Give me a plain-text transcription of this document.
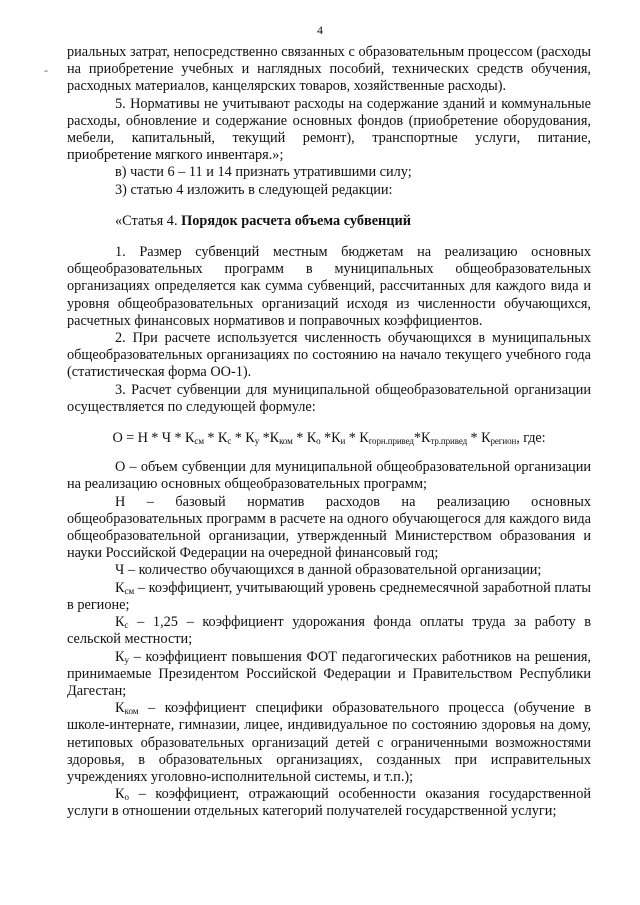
4
-

риальных затрат, непосредственно связанных с образовательным процессом (расходы на приобретение учебных и наглядных пособий, технических средств обучения, расходных материалов, канцелярских товаров, хозяйственные расходы).

5. Нормативы не учитывают расходы на содержание зданий и коммунальные расходы, обновление и содержание основных фондов (приобретение оборудования, мебели, капитальный, текущий ремонт), транспортные услуги, питание, приобретение мягкого инвентаря.»;

в) части 6 – 11 и 14 признать утратившими силу;

3) статью 4 изложить в следующей редакции:

«Статья 4. Порядок расчета объема субвенций

1. Размер субвенций местным бюджетам на реализацию основных общеобразовательных программ в муниципальных общеобразовательных организациях определяется как сумма субвенций, рассчитанных для каждого вида и уровня общеобразовательных организаций исходя из численности обучающихся, расчетных финансовых нормативов и поправочных коэффициентов.

2. При расчете используется численность обучающихся в муниципальных общеобразовательных организациях по состоянию на начало текущего учебного года (статистическая форма ОО-1).

3. Расчет субвенции для муниципальной общеобразовательной организации осуществляется по следующей формуле:

$О = Н * Ч * К_{см} * К_с * К_у$ $*К_{ком} * К_о$ $*К_и * К_{горн.привед}*К_{тр.привед} * К_{регион}$, где:

О – объем субвенции для муниципальной общеобразовательной организации на реализацию основных общеобразовательных программ;

Н – базовый норматив расходов на реализацию основных общеобразовательных программ в расчете на одного обучающегося для каждого вида общеобразовательной организации, утвержденный Министерством образования и науки Российской Федерации на очередной финансовый год;

Ч – количество обучающихся в данной образовательной организации;

$К_{см}$ – коэффициент, учитывающий уровень среднемесячной заработной платы в регионе;

$К_с - 1,25$ – коэффициент удорожания фонда оплаты труда за работу в сельской местности;

$К_у$ – коэффициент повышения ФОТ педагогических работников на решения, принимаемые Президентом Российской Федерации и Правительством Республики Дагестан;

$К_{ком}$ – коэффициент специфики образовательного процесса (обучение в школе-интернате, гимназии, лицее, индивидуальное по состоянию здоровья на дому, нетиповых образовательных организаций детей с ограниченными возможностями здоровья, в образовательных организациях, созданных при исправительных учреждениях уголовно-исполнительной системы, и т.п.);

$К_о$ – коэффициент, отражающий особенности оказания государственной услуги в отношении отдельных категорий получателей государственной услуги;
